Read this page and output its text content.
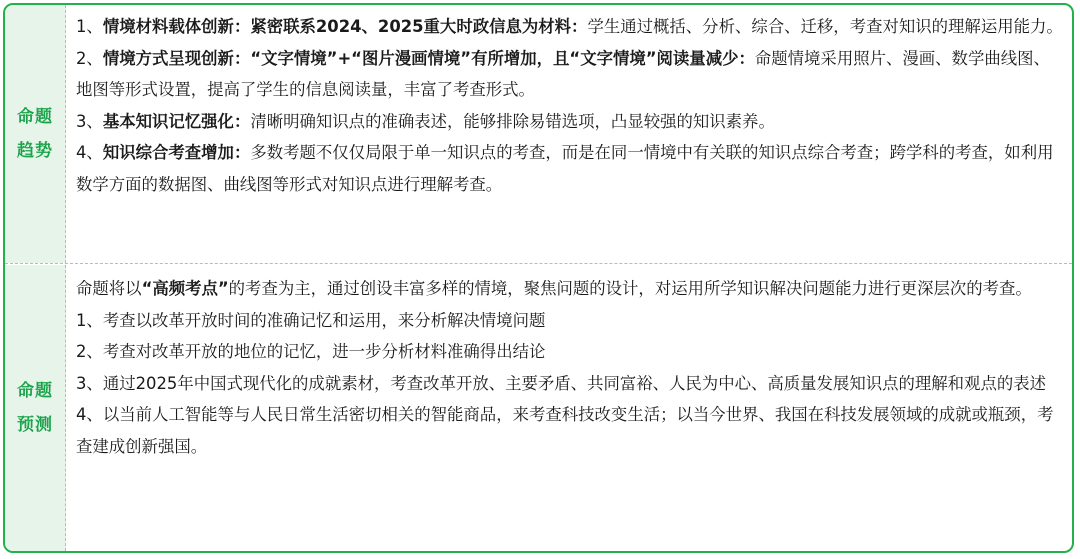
命题趋势

1、情境材料载体创新：紧密联系2024、2025重大时政信息为材料：学生通过概括、分析、综合、迁移，考查对知识的理解运用能力。

2、情境方式呈现创新：“文字情境”+“图片漫画情境”有所增加，且“文字情境”阅读量减少：命题情境采用照片、漫画、数学曲线图、地图等形式设置，提高了学生的信息阅读量，丰富了考查形式。

3、基本知识记忆强化：清晰明确知识点的准确表述，能够排除易错选项，凸显较强的知识素养。

4、知识综合考查增加：多数考题不仅仅局限于单一知识点的考查，而是在同一情境中有关联的知识点综合考查；跨学科的考查，如利用数学方面的数据图、曲线图等形式对知识点进行理解考查。

命题预测

命题将以“高频考点”的考查为主，通过创设丰富多样的情境，聚焦问题的设计，对运用所学知识解决问题能力进行更深层次的考查。

1、考查以改革开放时间的准确记忆和运用，来分析解决情境问题

2、考查对改革开放的地位的记忆，进一步分析材料准确得出结论

3、通过2025年中国式现代化的成就素材，考查改革开放、主要矛盾、共同富裕、人民为中心、高质量发展知识点的理解和观点的表述

4、以当前人工智能等与人民日常生活密切相关的智能商品，来考查科技改变生活；以当今世界、我国在科技发展领域的成就或瓶颈，考查建成创新强国。
